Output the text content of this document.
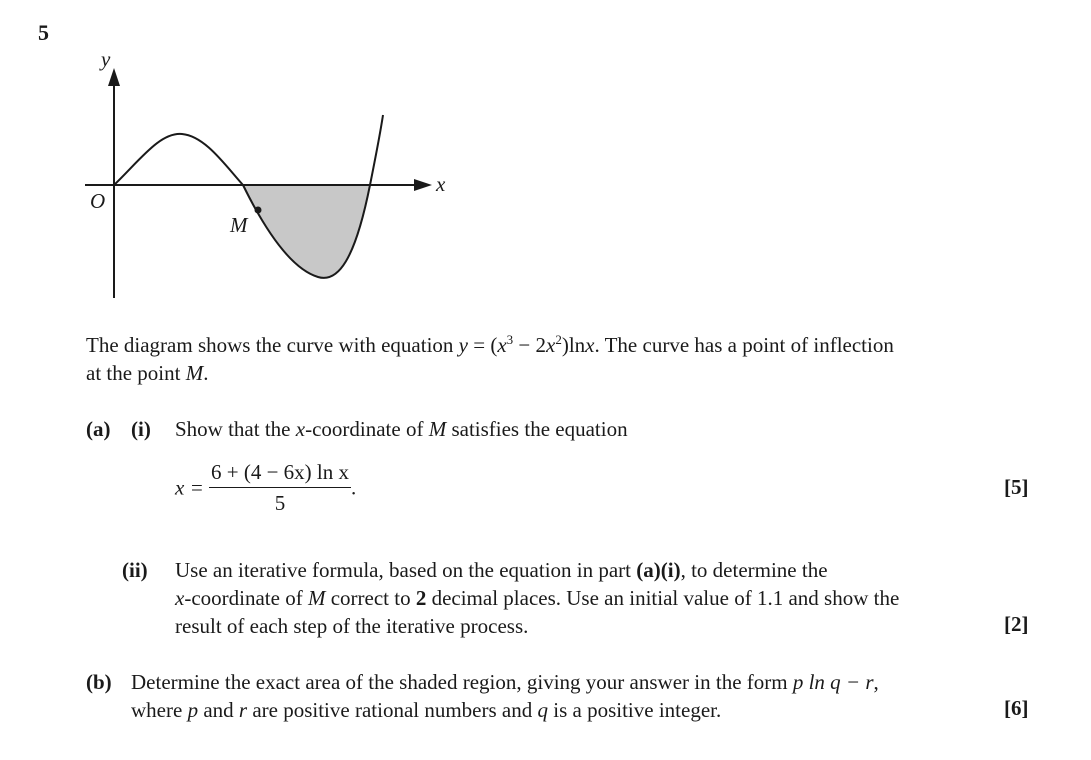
5
y
x
O
M
The diagram shows the curve with equation $y = (x^3 - 2x^2)\ln x$. The curve has a point of inflection
at the point M.
(a) (i) Show that the x-coordinate of M satisfies the equation
$x = \frac{\text{6 + (4 − 6x) ln x}}{5}$ .	[5]
(ii) Use an iterative formula, based on the equation in part (a)(i), to determine the
x-coordinate of M correct to 2 decimal places. Use an initial value of 1.1 and show the
result of each step of the iterative process.	[2]
(b) Determine the exact area of the shaded region, giving your answer in the form p ln q − r,
where p and r are positive rational numbers and q is a positive integer.	[6]
